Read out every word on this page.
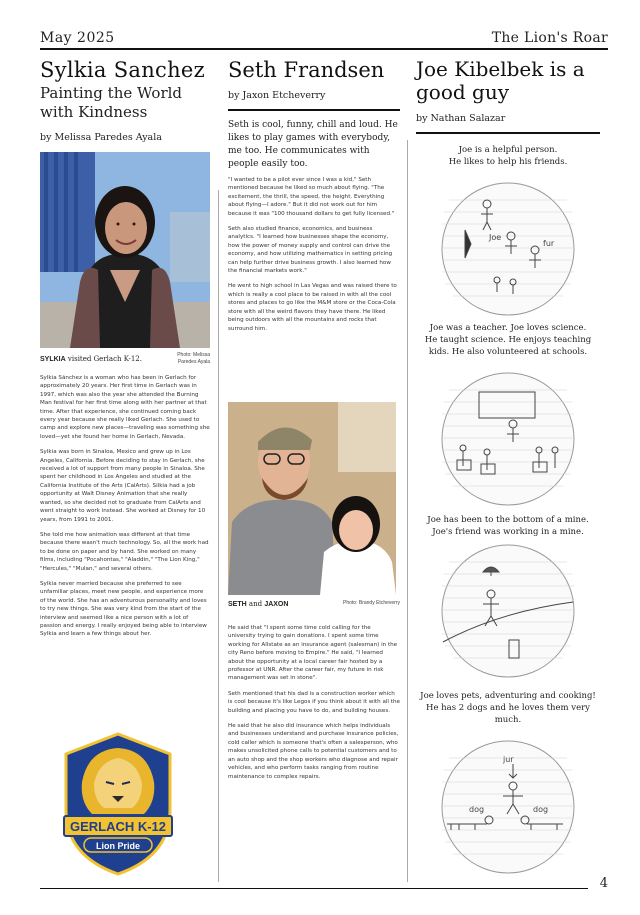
May 2025	The Lion's Roar
Sylkia Sanchez
Painting the World with Kindness
by Melissa Paredes Ayala
SYLKIA visited Gerlach K-12.	Photo: Melissa
Paredes Ayala

Sylkia Sánchez is a woman who has been in Gerlach for approximately 20 years. Her first time in Gerlach was in 1997, which was also the year she attended the Burning Man festival for her first time along with her partner at that time. After that experience, she continued coming back every year because she really liked Gerlach. She used to camp and explore new places—traveling was something she loved—yet she found her home in Gerlach, Nevada.

Sylkia was born in Sinaloa, Mexico and grew up in Los Angeles, California. Before deciding to stay in Gerlach, she received a lot of support from many people in Sinaloa. She spent her childhood in Los Angeles and studied at the California Institute of the Arts (CalArts). Silkia had a job opportunity at Walt Disney Animation that she really wanted, so she decided not to graduate from CalArts and went straight to work instead. She worked at Disney for 10 years, from 1991 to 2001.

She told me how animation was different at that time because there wasn't much technology. So, all the work had to be done on paper and by hand. She worked on many films, including "Pocahontas," "Aladdin," "The Lion King," "Hercules," "Mulan," and several others.

Sylkia never married because she preferred to see unfamiliar places, meet new people, and experience more of the world. She has an adventurous personality and loves to try new things. She was very kind from the start of the interview and seemed like a nice person with a lot of passion and energy. I really enjoyed being able to interview Sylkia and learn a few things about her.

GERLACH K-12
Lion Pride
Seth Frandsen
by Jaxon Etcheverry
Seth is cool, funny, chill and loud. He likes to play games with everybody, me too. He communicates with people easily too.

"I wanted to be a pilot ever since I was a kid," Seth mentioned because he liked so much about flying. "The excitement, the thrill, the speed, the height. Everything about flying—I adore." But it did not work out for him because it was "100 thousand dollars to get fully licensed."

Seth also studied finance, economics, and business analytics. "I learned how businesses shape the economy, how the power of money supply and control can drive the economy, and how utilizing mathematics in setting pricing can help further drive business growth. I also learned how the financial markets work."

He went to high school in Las Vegas and was raised there to which is really a cool place to be raised in with all the cool stores and places to go like the M&M store or the Coca-Cola store with all the weird flavors they have there. He liked being outdoors with all the mountains and rocks that surround him.

SETH and JAXON	Photo: Brandy Etcheverry

He said that "I spent some time cold calling for the university trying to gain donations. I spent some time working for Allstate as an insurance agent (salesman) in the city Reno before moving to Empire." He said, "I learned about the opportunity at a local career fair hosted by a professor at UNR. After the career fair, my future in risk management was set in stone".

Seth mentioned that his dad is a construction worker which is cool because it's like Legos if you think about it with all the building and placing you have to do, and building houses.

He said that he also did insurance which helps individuals and businesses understand and purchase insurance policies, cold caller which is someone that's often a salesperson, who makes unsolicited phone calls to potential customers and to an auto shop and the shop workers who diagnose and repair vehicles, and who perform tasks ranging from routine maintenance to complex repairs.

Joe Kibelbek is a good guy
by Nathan Salazar
Joe is a helpful person.
He likes to help his friends.
Joe
fur
Joe was a teacher. Joe loves science.
He taught science. He enjoys teaching kids. He also volunteered at schools.
Joe has been to the bottom of a mine.
Joe's friend was working in a mine.
Joe loves pets, adventuring and cooking! He has 2 dogs and he loves them very much.
jur
dog	dog
4
